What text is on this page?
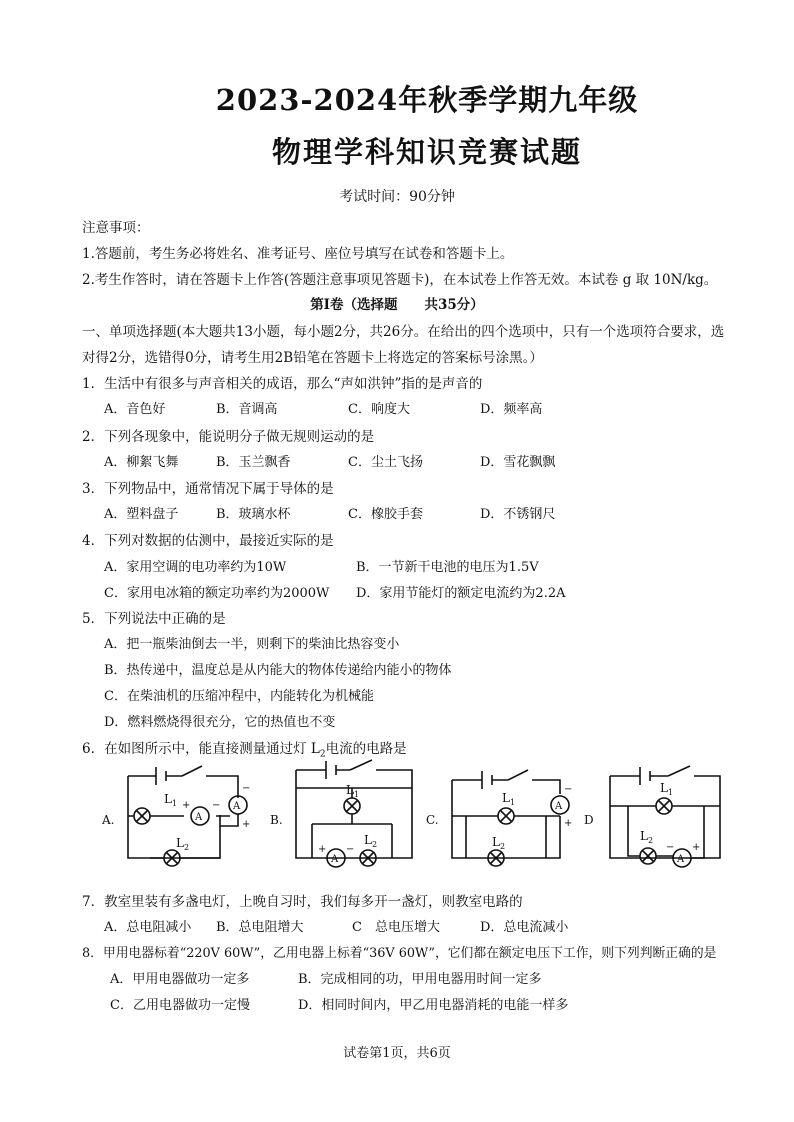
2023-2024年秋季学期九年级
物理学科知识竞赛试题
考试时间：90分钟
注意事项：
1.答题前，考生务必将姓名、准考证号、座位号填写在试卷和答题卡上。
2.考生作答时，请在答题卡上作答(答题注意事项见答题卡)，在本试卷上作答无效。本试卷 g 取 10N/kg。
第Ⅰ卷（选择题　　共35分）
一、单项选择题(本大题共13小题，每小题2分，共26分。在给出的四个选项中，只有一个选项符合要求，选
对得2分，选错得0分，请考生用2B铅笔在答题卡上将选定的答案标号涂黑。）
1．生活中有很多与声音相关的成语，那么“声如洪钟”指的是声音的
A．音色好	B．音调高	C．响度大	D．频率高
2．下列各现象中，能说明分子做无规则运动的是
A．柳絮飞舞	B．玉兰飘香	C．尘土飞扬	D．雪花飘飘
3．下列物品中，通常情况下属于导体的是
A．塑料盘子	B．玻璃水杯	C．橡胶手套	D．不锈钢尺
4．下列对数据的估测中，最接近实际的是
A．家用空调的电功率约为10W	B．一节新干电池的电压为1.5V
C．家用电冰箱的额定功率约为2000W D．家用节能灯的额定电流约为2.2A
5．下列说法中正确的是
A．把一瓶柴油倒去一半，则剩下的柴油比热容变小
B．热传递中，温度总是从内能大的物体传递给内能小的物体
C．在柴油机的压缩冲程中，内能转化为机械能
D．燃料燃烧得很充分，它的热值也不变
6．在如图所示中，能直接测量通过灯 $L_2$电流的电路是
A.
$L_1$
$L_2$
A
A
+ −
−
+ B.
$L_1$
$L_2$
A
+ −
C.
$L_1$
$L_2$
A
−
+ D
$L_1$
$L_2$
A
− +
7．教室里装有多盏电灯，上晚自习时，我们每多开一盏灯，则教室电路的
A．总电阻减小 B．总电阻增大	C　总电压增大	D．总电流减小
8．甲用电器标着“220V 60W”，乙用电器上标着“36V 60W”，它们都在额定电压下工作，则下列判断正确的是
A．甲用电器做功一定多	B．完成相同的功，甲用电器用时间一定多
C．乙用电器做功一定慢	D．相同时间内，甲乙用电器消耗的电能一样多
试卷第1页，共6页
